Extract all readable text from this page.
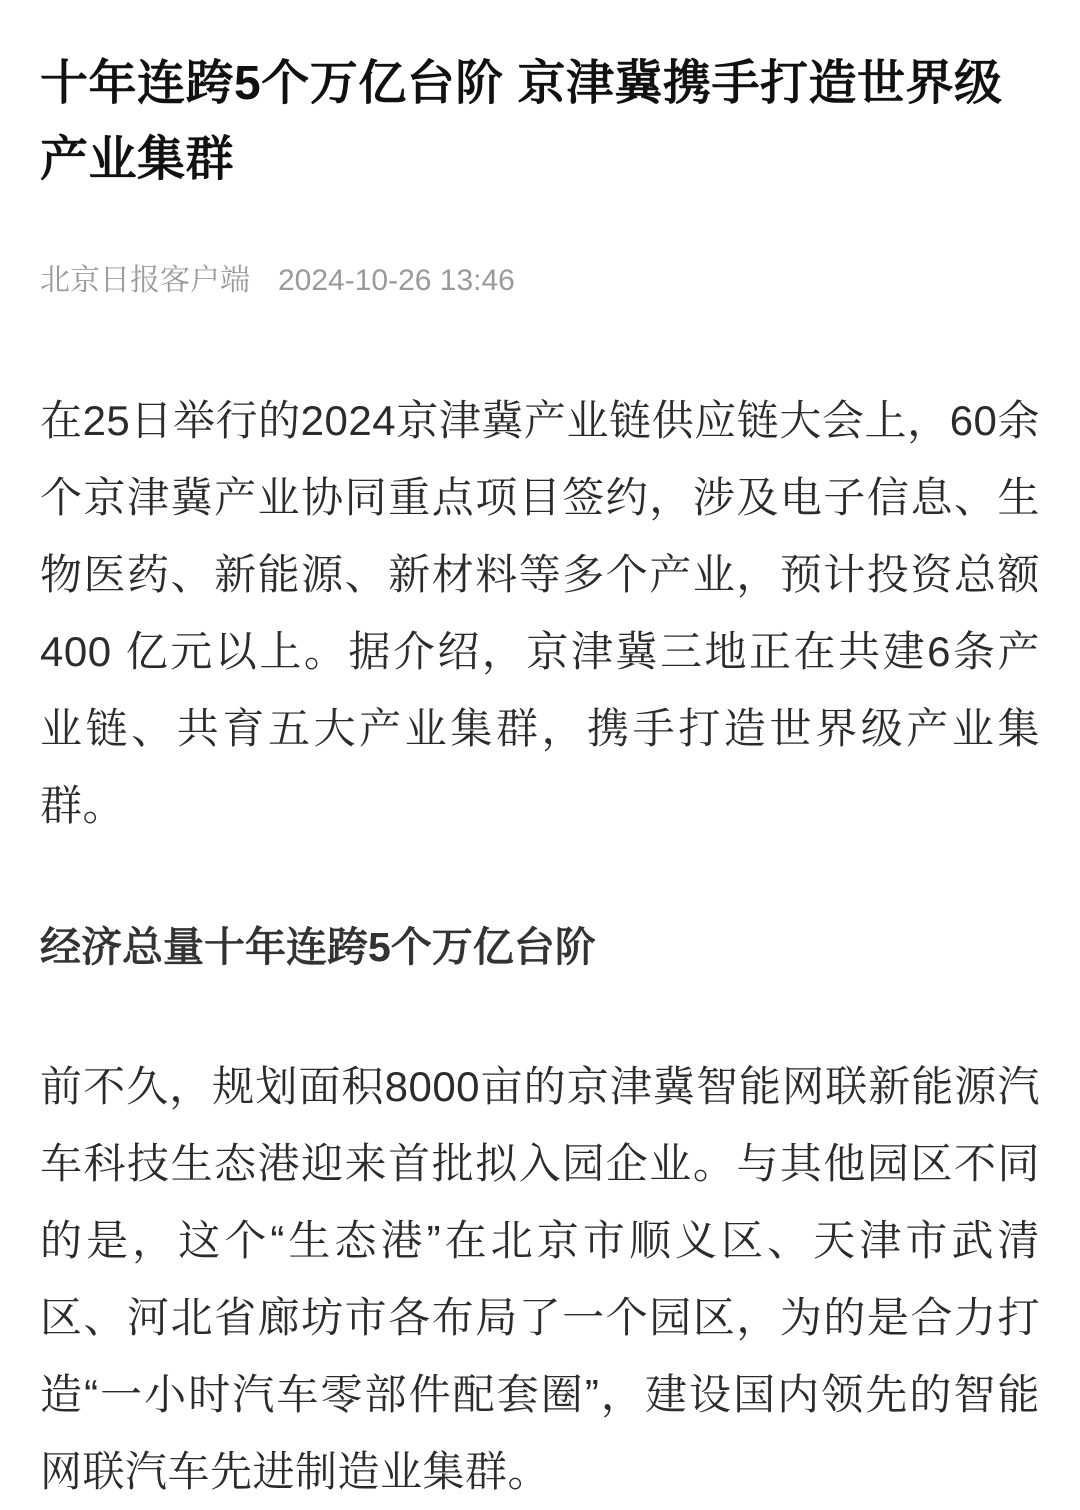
十年连跨5个万亿台阶 京津冀携手打造世界级产业集群
北京日报客户端 2024-10-26 13:46

在25日举行的2024京津冀产业链供应链大会上，60余个京津冀产业协同重点项目签约，涉及电子信息、生物医药、新能源、新材料等多个产业，预计投资总额 400 亿元以上。据介绍，京津冀三地正在共建6条产业链、共育五大产业集群，携手打造世界级产业集群。

经济总量十年连跨5个万亿台阶

前不久，规划面积8000亩的京津冀智能网联新能源汽车科技生态港迎来首批拟入园企业。与其他园区不同的是，这个“生态港”在北京市顺义区、天津市武清区、河北省廊坊市各布局了一个园区，为的是合力打造“一小时汽车零部件配套圈”，建设国内领先的智能网联汽车先进制造业集群。
